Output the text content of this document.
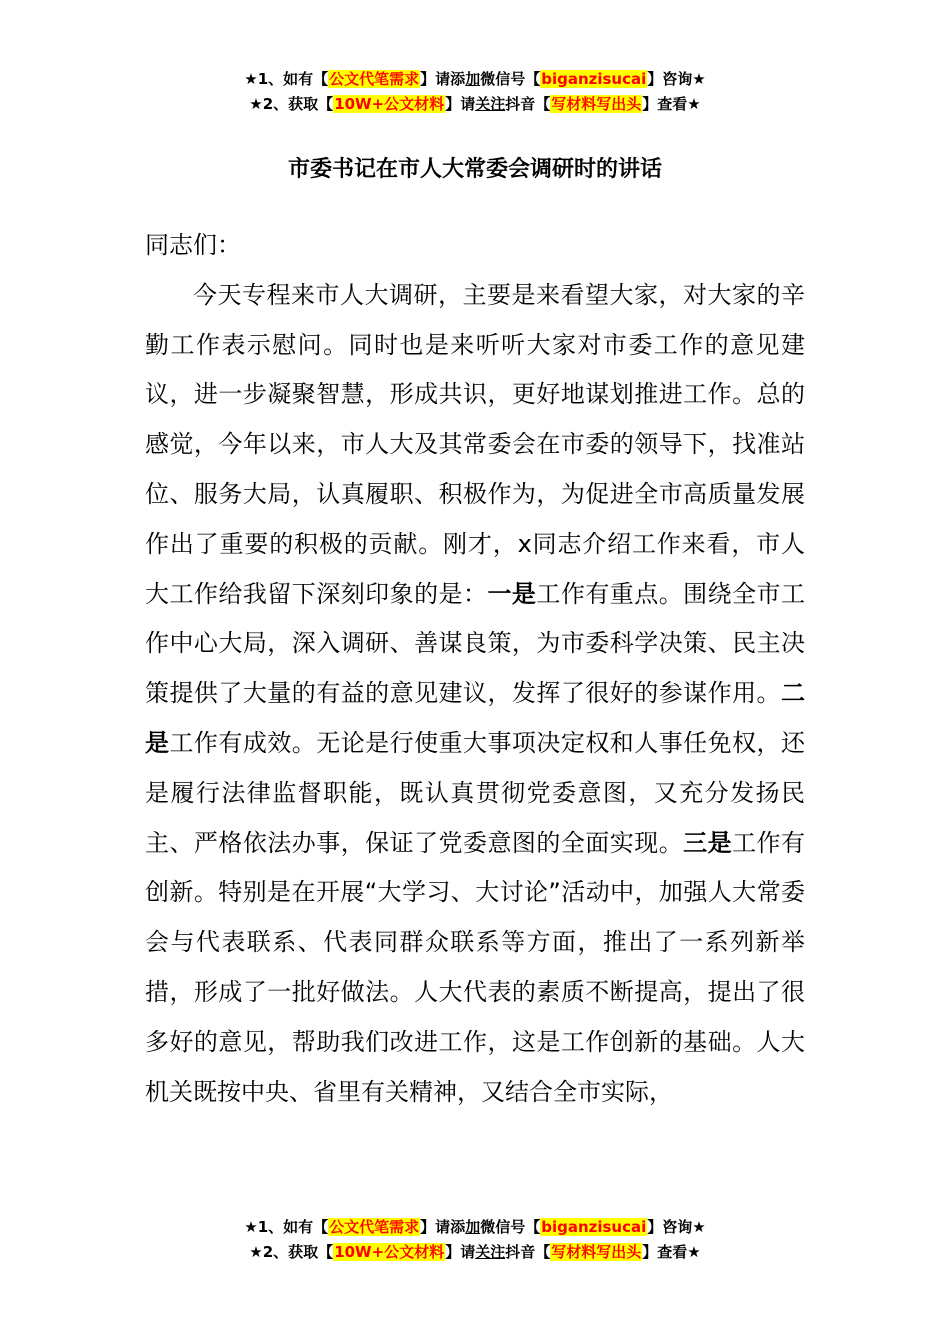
★1、如有【公文代笔需求】请添加微信号【biganzisucai】咨询★
★2、获取【10W+公文材料】请关注抖音【写材料写出头】查看★
市委书记在市人大常委会调研时的讲话

同志们：

今天专程来市人大调研，主要是来看望大家，对大家的辛勤工作表示慰问。同时也是来听听大家对市委工作的意见建议，进一步凝聚智慧，形成共识，更好地谋划推进工作。总的感觉，今年以来，市人大及其常委会在市委的领导下，找准站位、服务大局，认真履职、积极作为，为促进全市高质量发展作出了重要的积极的贡献。刚才，x同志介绍工作来看，市人大工作给我留下深刻印象的是：一是工作有重点。围绕全市工作中心大局，深入调研、善谋良策，为市委科学决策、民主决策提供了大量的有益的意见建议，发挥了很好的参谋作用。二是工作有成效。无论是行使重大事项决定权和人事任免权，还是履行法律监督职能，既认真贯彻党委意图，又充分发扬民主、严格依法办事，保证了党委意图的全面实现。三是工作有创新。特别是在开展“大学习、大讨论”活动中，加强人大常委会与代表联系、代表同群众联系等方面，推出了一系列新举措，形成了一批好做法。人大代表的素质不断提高，提出了很多好的意见，帮助我们改进工作，这是工作创新的基础。人大机关既按中央、省里有关精神，又结合全市实际，

★1、如有【公文代笔需求】请添加微信号【biganzisucai】咨询★
★2、获取【10W+公文材料】请关注抖音【写材料写出头】查看★
